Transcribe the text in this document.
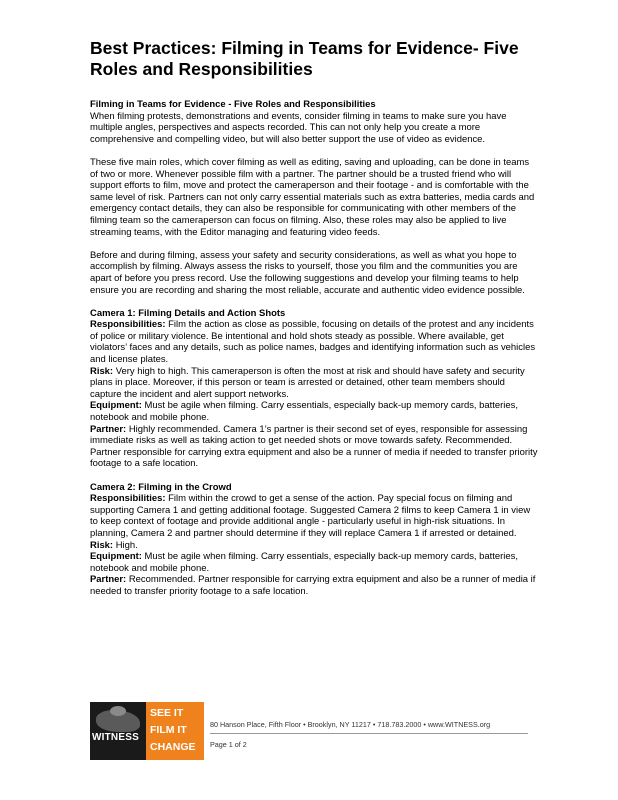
Best Practices: Filming in Teams for Evidence- Five Roles and Responsibilities
Filming in Teams for Evidence - Five Roles and Responsibilities

When filming protests, demonstrations and events, consider filming in teams to make sure you have multiple angles, perspectives and aspects recorded. This can not only help you create a more comprehensive and compelling video, but will also better support the use of video as evidence.

These five main roles, which cover filming as well as editing, saving and uploading, can be done in teams of two or more. Whenever possible film with a partner. The partner should be a trusted friend who will support efforts to film, move and protect the cameraperson and their footage - and is comfortable with the same level of risk. Partners can not only carry essential materials such as extra batteries, media cards and emergency contact details, they can also be responsible for communicating with other members of the filming team so the cameraperson can focus on filming. Also, these roles may also be applied to live streaming teams, with the Editor managing and featuring video feeds.

Before and during filming, assess your safety and security considerations, as well as what you hope to accomplish by filming. Always assess the risks to yourself, those you film and the communities you are apart of before you press record. Use the following suggestions and develop your filming teams to help ensure you are recording and sharing the most reliable, accurate and authentic video evidence possible.

Camera 1: Filming Details and Action Shots
Responsibilities: Film the action as close as possible, focusing on details of the protest and any incidents of police or military violence. Be intentional and hold shots steady as possible. Where available, get violators’ faces and any details, such as police names, badges and identifying information such as vehicles and license plates.
Risk: Very high to high. This cameraperson is often the most at risk and should have safety and security plans in place. Moreover, if this person or team is arrested or detained, other team members should capture the incident and alert support networks.
Equipment: Must be agile when filming. Carry essentials, especially back-up memory cards, batteries, notebook and mobile phone.
Partner: Highly recommended. Camera 1’s partner is their second set of eyes, responsible for assessing immediate risks as well as taking action to get needed shots or move towards safety. Recommended. Partner responsible for carrying extra equipment and also be a runner of media if needed to transfer priority footage to a safe location.
Camera 2: Filming in the Crowd
Responsibilities: Film within the crowd to get a sense of the action. Pay special focus on filming and supporting Camera 1 and getting additional footage. Suggested Camera 2 films to keep Camera 1 in view to keep context of footage and provide additional angle - particularly useful in high-risk situations. In planning, Camera 2 and partner should determine if they will replace Camera 1 if arrested or detained.
Risk: High.
Equipment: Must be agile when filming. Carry essentials, especially back-up memory cards, batteries, notebook and mobile phone.
Partner: Recommended. Partner responsible for carrying extra equipment and also be a runner of media if needed to transfer priority footage to a safe location.
WITNESS
SEE IT
FILM IT
CHANGE IT
80 Hanson Place, Fifth Floor • Brooklyn, NY 11217 • 718.783.2000 • www.WITNESS.org
Page 1 of 2
